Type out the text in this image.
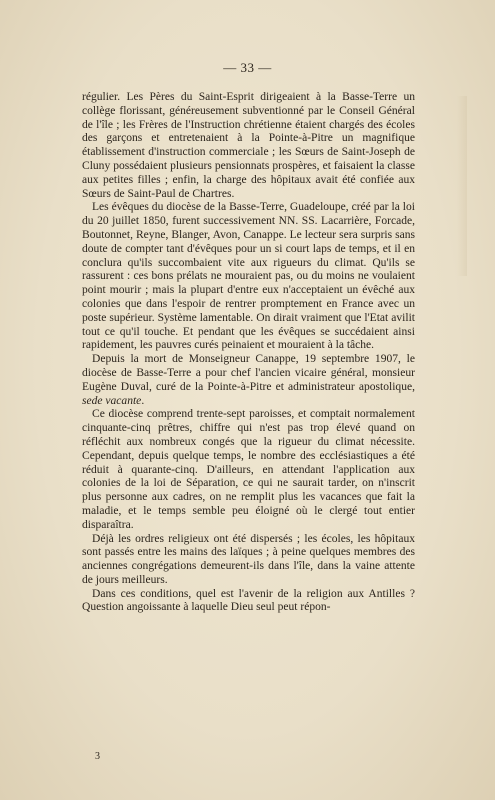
— 33 —

régulier. Les Pères du Saint-Esprit dirigeaient à la Basse-Terre un collège florissant, généreusement subventionné par le Conseil Général de l'île ; les Frères de l'Instruction chrétienne étaient chargés des écoles des garçons et entretenaient à la Pointe-à-Pitre un magnifique établissement d'instruction commerciale ; les Sœurs de Saint-Joseph de Cluny possédaient plusieurs pensionnats prospères, et faisaient la classe aux petites filles ; enfin, la charge des hôpitaux avait été confiée aux Sœurs de Saint-Paul de Chartres.

Les évêques du diocèse de la Basse-Terre, Guadeloupe, créé par la loi du 20 juillet 1850, furent successivement NN. SS. Lacarrière, Forcade, Boutonnet, Reyne, Blanger, Avon, Canappe. Le lecteur sera surpris sans doute de compter tant d'évêques pour un si court laps de temps, et il en conclura qu'ils succombaient vite aux rigueurs du climat. Qu'ils se rassurent : ces bons prélats ne mouraient pas, ou du moins ne voulaient point mourir ; mais la plupart d'entre eux n'acceptaient un évêché aux colonies que dans l'espoir de rentrer promptement en France avec un poste supérieur. Système lamentable. On dirait vraiment que l'Etat avilit tout ce qu'il touche. Et pendant que les évêques se succédaient ainsi rapidement, les pauvres curés peinaient et mouraient à la tâche.

Depuis la mort de Monseigneur Canappe, 19 septembre 1907, le diocèse de Basse-Terre a pour chef l'ancien vicaire général, monsieur Eugène Duval, curé de la Pointe-à-Pitre et administrateur apostolique, sede vacante.

Ce diocèse comprend trente-sept paroisses, et comptait normalement cinquante-cinq prêtres, chiffre qui n'est pas trop élevé quand on réfléchit aux nombreux congés que la rigueur du climat nécessite. Cependant, depuis quelque temps, le nombre des ecclésiastiques a été réduit à quarante-cinq. D'ailleurs, en attendant l'application aux colonies de la loi de Séparation, ce qui ne saurait tarder, on n'inscrit plus personne aux cadres, on ne remplit plus les vacances que fait la maladie, et le temps semble peu éloigné où le clergé tout entier disparaîtra.

Déjà les ordres religieux ont été dispersés ; les écoles, les hôpitaux sont passés entre les mains des laïques ; à peine quelques membres des anciennes congrégations demeurent-ils dans l'île, dans la vaine attente de jours meilleurs.

Dans ces conditions, quel est l'avenir de la religion aux Antilles ? Question angoissante à laquelle Dieu seul peut répon-

3
